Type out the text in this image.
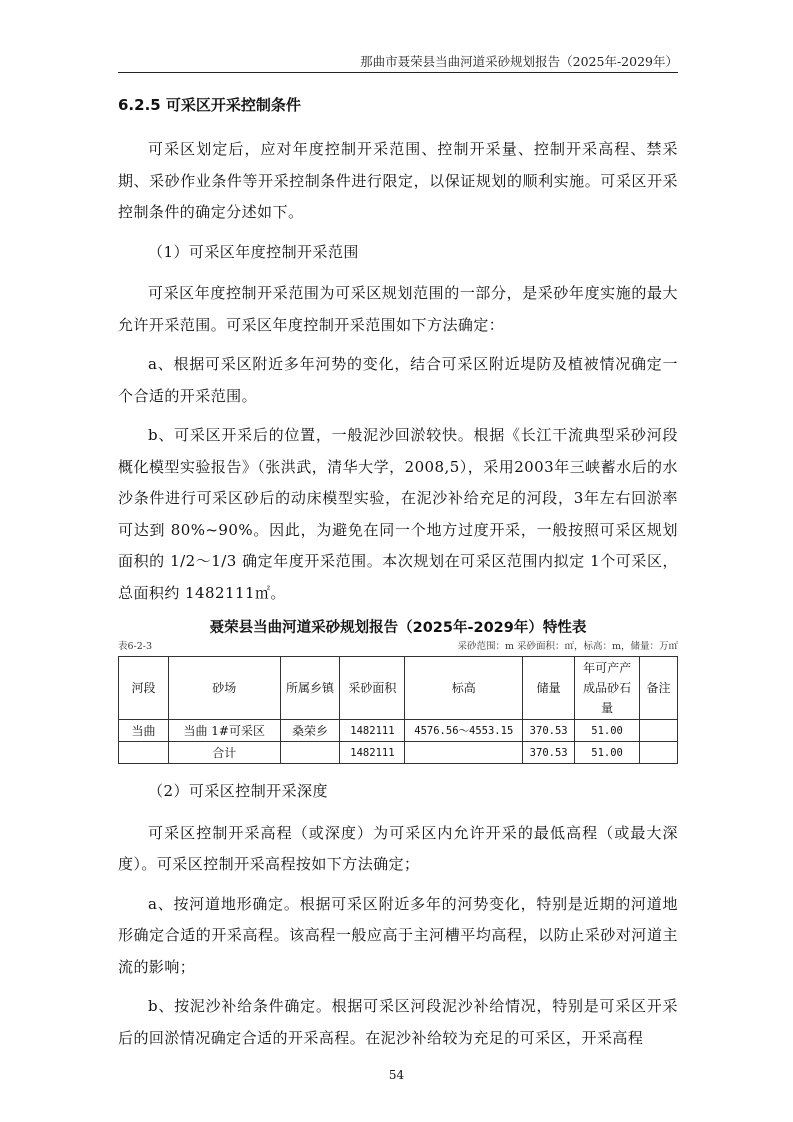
那曲市聂荣县当曲河道采砂规划报告（2025年-2029年）
6.2.5 可采区开采控制条件

可采区划定后，应对年度控制开采范围、控制开采量、控制开采高程、禁采期、采砂作业条件等开采控制条件进行限定，以保证规划的顺利实施。可采区开采控制条件的确定分述如下。

（1）可采区年度控制开采范围

可采区年度控制开采范围为可采区规划范围的一部分，是采砂年度实施的最大允许开采范围。可采区年度控制开采范围如下方法确定：

a、根据可采区附近多年河势的变化，结合可采区附近堤防及植被情况确定一个合适的开采范围。

b、可采区开采后的位置，一般泥沙回淤较快。根据《长江干流典型采砂河段概化模型实验报告》（张洪武，清华大学，2008,5），采用2003年三峡蓄水后的水沙条件进行可采区砂后的动床模型实验，在泥沙补给充足的河段，3年左右回淤率可达到 80%~90%。因此，为避免在同一个地方过度开采，一般按照可采区规划面积的 1/2～1/3 确定年度开采范围。本次规划在可采区范围内拟定 1个可采区，总面积约 1482111㎡。

聂荣县当曲河道采砂规划报告（2025年-2029年）特性表
表6-2-3	采砂范围：m 采砂面积：㎡，标高：m，储量：万㎡
河段	砂场	所属乡镇	采砂面积	标高	储量	年可产产成品砂石量	备注
当曲	当曲 1#可采区	桑荣乡	1482111	4576.56～4553.15	370.53	51.00	
	合计		1482111		370.53	51.00	

（2）可采区控制开采深度

可采区控制开采高程（或深度）为可采区内允许开采的最低高程（或最大深度）。可采区控制开采高程按如下方法确定；

a、按河道地形确定。根据可采区附近多年的河势变化，特别是近期的河道地形确定合适的开采高程。该高程一般应高于主河槽平均高程，以防止采砂对河道主流的影响；

b、按泥沙补给条件确定。根据可采区河段泥沙补给情况，特别是可采区开采后的回淤情况确定合适的开采高程。在泥沙补给较为充足的可采区，开采高程

54
